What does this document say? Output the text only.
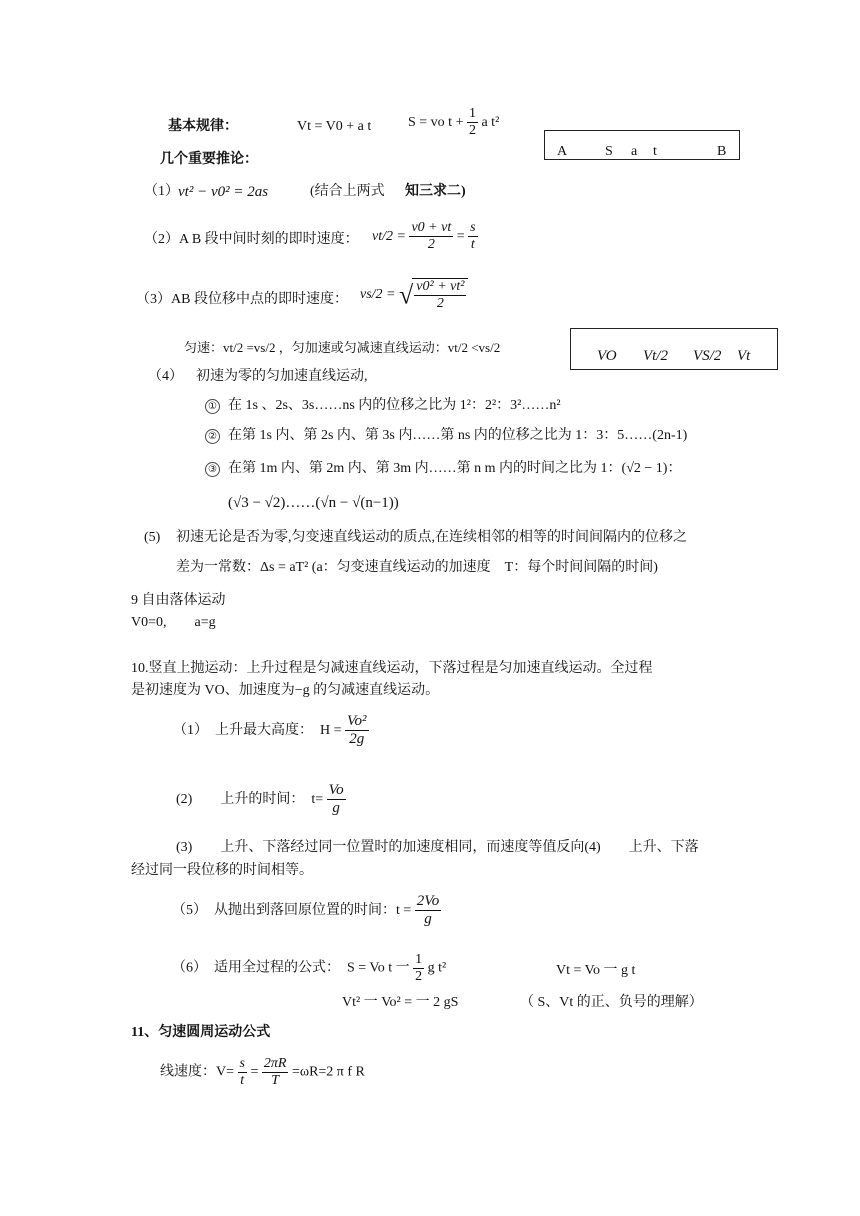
基本规律：	Vt = V0 + a t	S = vo $t + \frac{1}{2}$ a t²
A	S a t	B
几个重要推论：
（1） vt² − v0² = 2as	(结合上两式 知三求二)
（2）A B 段中间时刻的即时速度： $vt/2 = \frac{v0 + vt}{2} = \frac{s}{t}$
（3）AB 段位移中点的即时速度： vs/2 = √ $\frac{\text{v0² + vt²}}{2}$
匀速：vt/2 =vs/2 ，匀加速或匀减速直线运动：vt/2 <vs/2
VO Vt/2 VS/2 Vt
（4） 初速为零的匀加速直线运动,
① 在 1s 、2s、3s……ns 内的位移之比为 1²：2²：3²……n²
② 在第 1s 内、第 2s 内、第 3s 内……第 ns 内的位移之比为 1：3：5……(2n-1)
③ 在第 1m 内、第 2m 内、第 3m 内……第 n m 内的时间之比为 1：(√2 − 1)：
(√3 − √2)……(√n − √(n−1))
(5) 初速无论是否为零,匀变速直线运动的质点,在连续相邻的相等的时间间隔内的位移之
差为一常数：Δs = aT² (a：匀变速直线运动的加速度　T：每个时间间隔的时间)
9 自由落体运动
V0=0,　　a=g
10.竖直上抛运动：上升过程是匀减速直线运动，下落过程是匀加速直线运动。全过程
是初速度为 VO、加速度为−g 的匀减速直线运动。
（1）　上升最大高度：　$H = \frac{\text{Vo²}}{2g}$
(2)　　上升的时间：　$t= \frac{Vo}{g}$
(3)　　上升、下落经过同一位置时的加速度相同，而速度等值反向(4)　　上升、下落
经过同一段位移的时间相等。
（5）　从抛出到落回原位置的时间：$t = \frac{2Vo}{g}$
（6）　适用全过程的公式：　S = Vo t 一 $\frac{1}{2}$ g t²	Vt = Vo 一 g t
Vt² 一 Vo² = 一 2 gS	（ S、Vt 的正、负号的理解）
11、匀速圆周运动公式
线速度：$V= \frac{s}{t} = \frac{2\pi R}{T} =\omega R=2$ π f R
